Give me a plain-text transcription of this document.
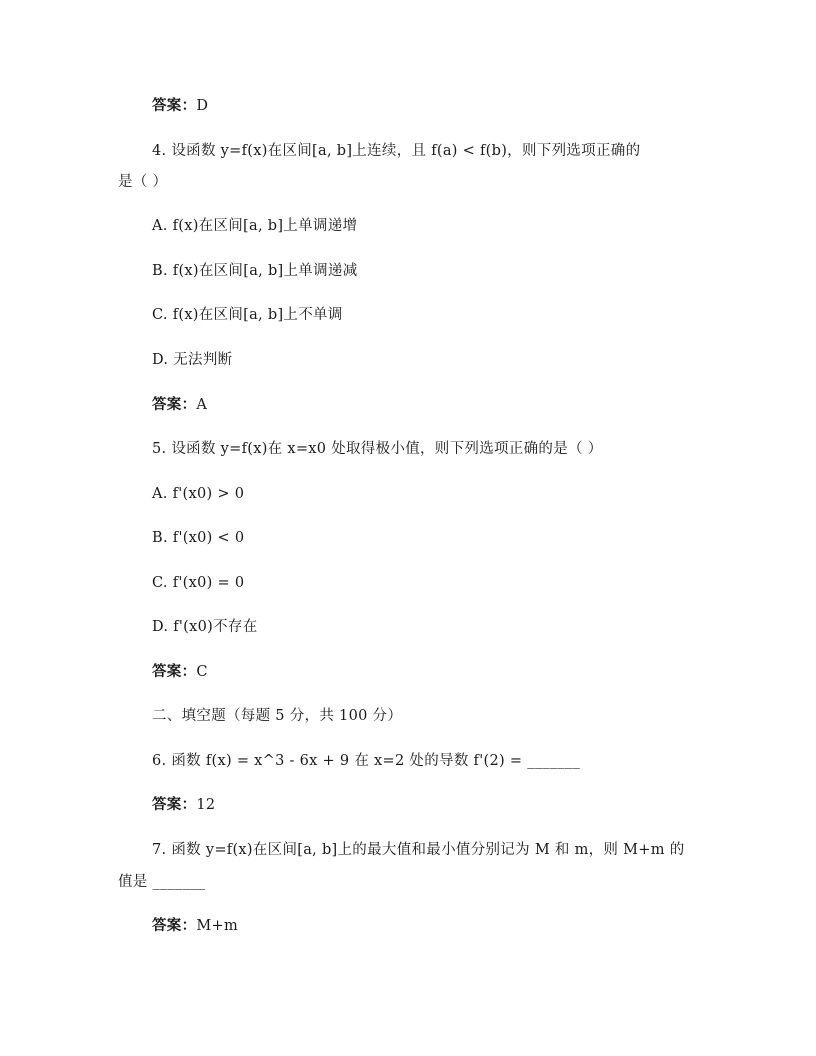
答案：D
4. 设函数 y=f(x)在区间[a, b]上连续，且 f(a) < f(b)，则下列选项正确的
是（ ）
A. f(x)在区间[a, b]上单调递增
B. f(x)在区间[a, b]上单调递减
C. f(x)在区间[a, b]上不单调
D. 无法判断
答案：A
5. 设函数 y=f(x)在 x=x0 处取得极小值，则下列选项正确的是（ ）
A. f'(x0) > 0
B. f'(x0) < 0
C. f'(x0) = 0
D. f'(x0)不存在
答案：C
二、填空题（每题 5 分，共 100 分）
6. 函数 f(x) = x^3 - 6x + 9 在 x=2 处的导数 f'(2) = _______
答案：12
7. 函数 y=f(x)在区间[a, b]上的最大值和最小值分别记为 M 和 m，则 M+m 的
值是 _______
答案：M+m
